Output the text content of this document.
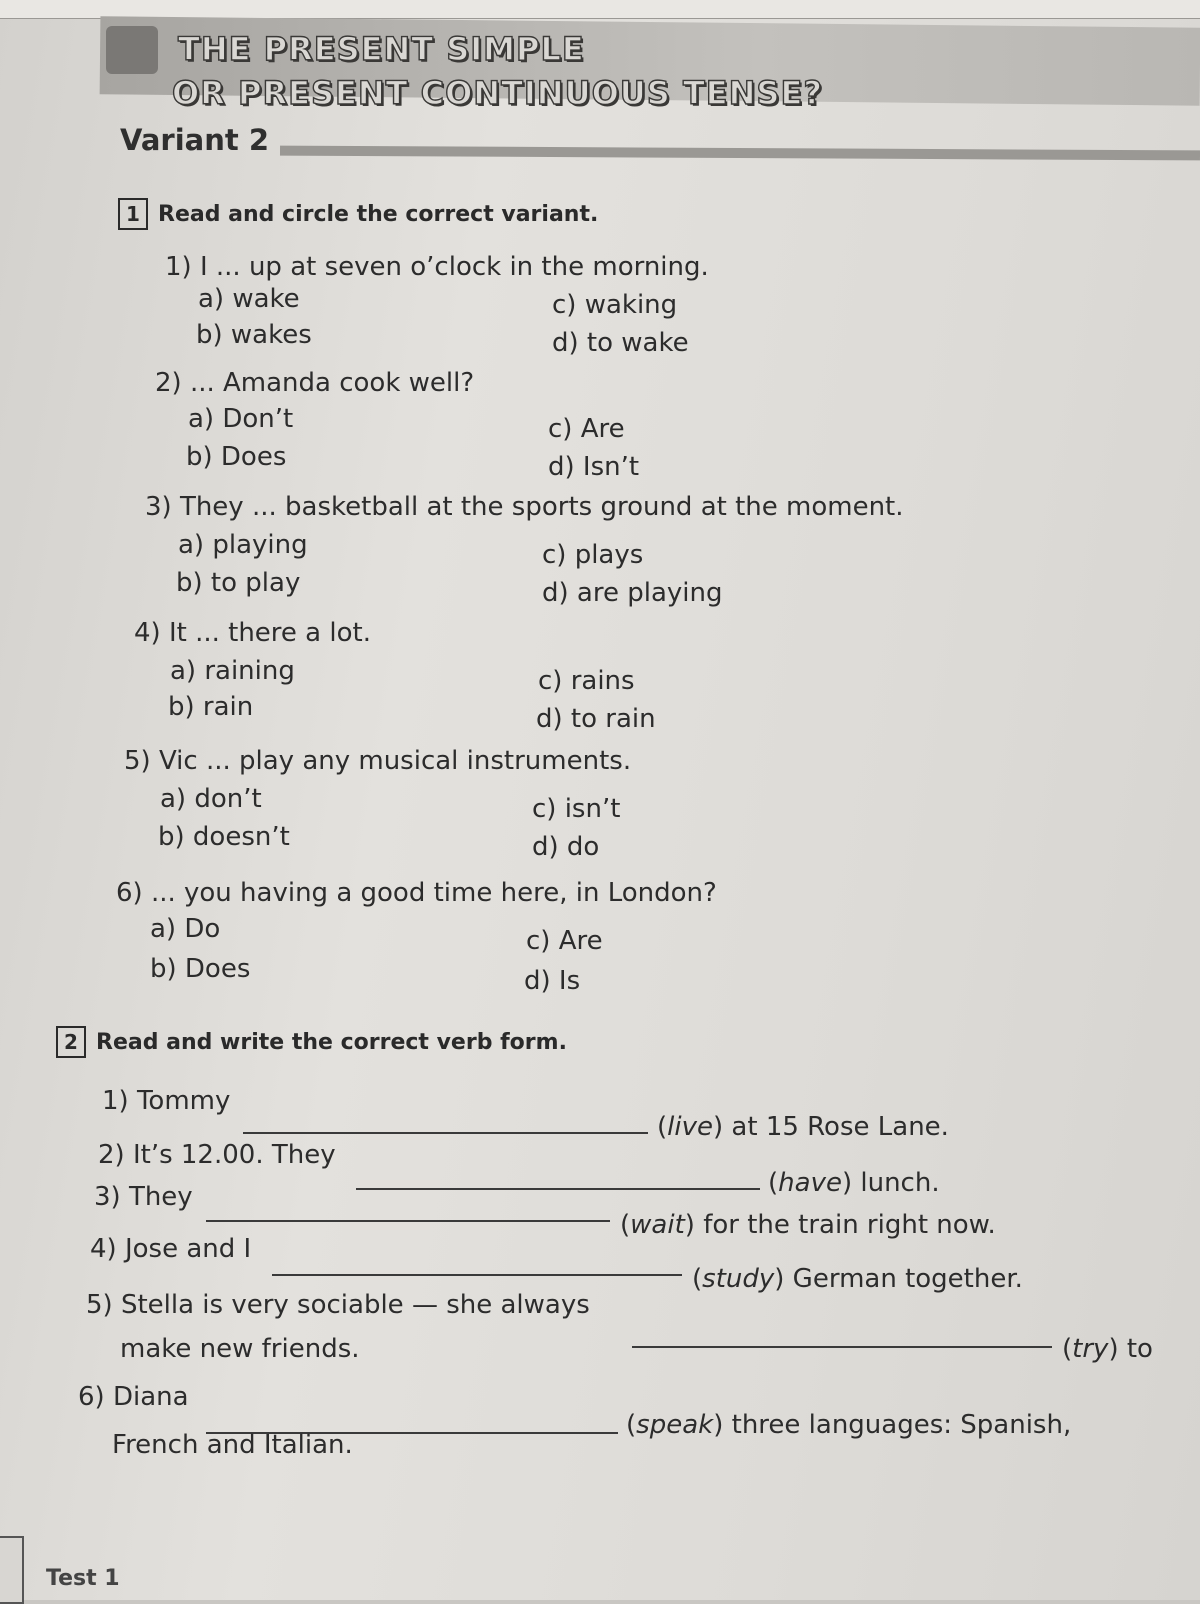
THE PRESENT SIMPLE
OR PRESENT CONTINUOUS TENSE?
Variant 2
1 Read and circle the correct variant.
1) I ... up at seven o’clock in the morning.
a) wake
b) wakes
c) waking
d) to wake
2) ... Amanda cook well?
a) Don’t
b) Does
c) Are
d) Isn’t
3) They ... basketball at the sports ground at the moment.
a) playing
b) to play
c) plays
d) are playing
4) It ... there a lot.
a) raining
b) rain
c) rains
d) to rain
5) Vic ... play any musical instruments.
a) don’t
b) doesn’t
c) isn’t
d) do
6) ... you having a good time here, in London?
a) Do
b) Does
c) Are
d) Is
2 Read and write the correct verb form.
1) Tommy
(live) at 15 Rose Lane.
2) It’s 12.00. They
(have) lunch.
3) They
(wait) for the train right now.
4) Jose and I
(study) German together.
5) Stella is very sociable — she always
(try) to
make new friends.
6) Diana
(speak) three languages: Spanish,
French and Italian.
Test 1
